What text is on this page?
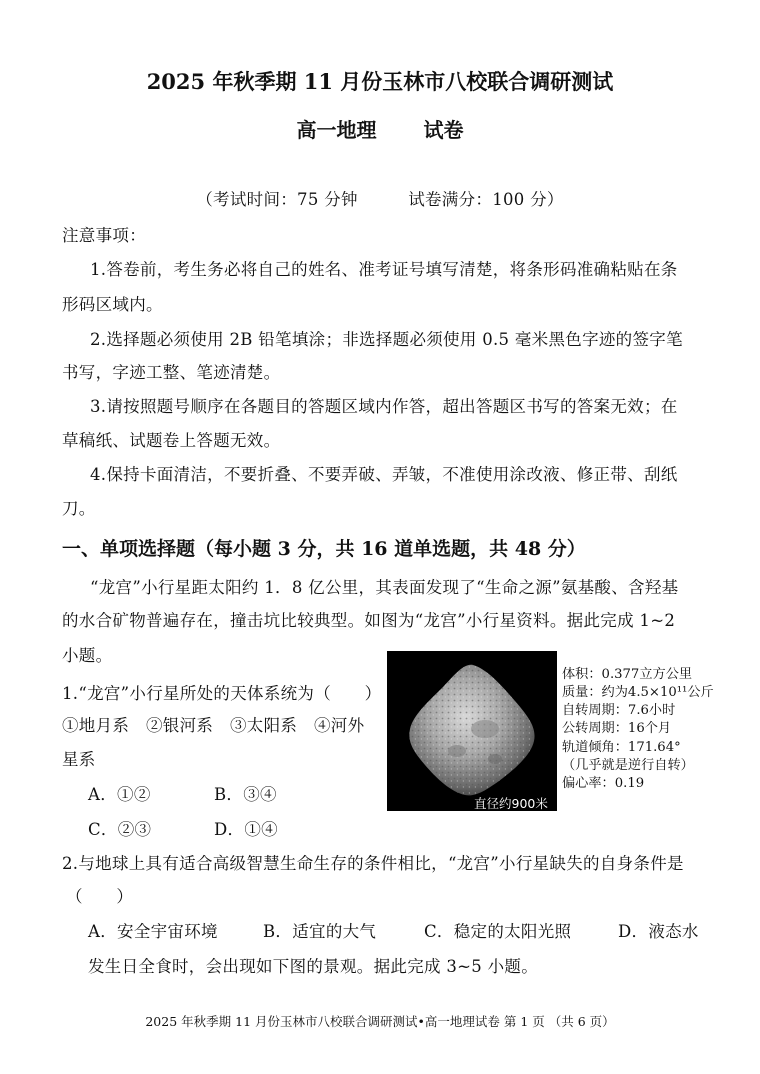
2025 年秋季期 11 月份玉林市八校联合调研测试
高一地理　　 试卷
（考试时间：75 分钟　　　试卷满分：100 分）
注意事项：
1.答卷前，考生务必将自己的姓名、准考证号填写清楚，将条形码准确粘贴在条
形码区域内。
2.选择题必须使用 2B 铅笔填涂；非选择题必须使用 0.5 毫米黑色字迹的签字笔
书写，字迹工整、笔迹清楚。
3.请按照题号顺序在各题目的答题区域内作答，超出答题区书写的答案无效；在
草稿纸、试题卷上答题无效。
4.保持卡面清洁，不要折叠、不要弄破、弄皱，不准使用涂改液、修正带、刮纸
刀。
一、单项选择题（每小题 3 分，共 16 道单选题，共 48 分）
“龙宫”小行星距太阳约 1．8 亿公里，其表面发现了“生命之源”氨基酸、含羟基
的水合矿物普遍存在，撞击坑比较典型。如图为“龙宫”小行星资料。据此完成 1~2
小题。
1.“龙宫”小行星所处的天体系统为（　　）
①地月系　②银河系　③太阳系　④河外
星系
A．①②	B．③④
C．②③	D．①④
直径约900米
体积：0.377立方公里
质量：约为4.5×10¹¹公斤
自转周期：7.6小时
公转周期：16个月
轨道倾角：171.64°
（几乎就是逆行自转）
偏心率：0.19
2.与地球上具有适合高级智慧生命生存的条件相比，“龙宫”小行星缺失的自身条件是
（　　）
A．安全宇宙环境	B．适宜的大气	C．稳定的太阳光照	D．液态水
发生日全食时，会出现如下图的景观。据此完成 3~5 小题。
2025 年秋季期 11 月份玉林市八校联合调研测试•高一地理试卷 第 1 页 （共 6 页）
